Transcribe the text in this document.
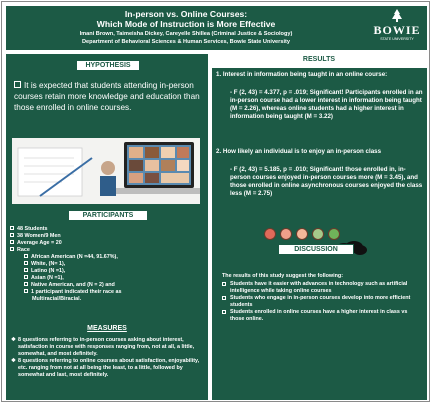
In-person vs. Online Courses:
Which Mode of Instruction is More Effective
Imani Brown, Taimeisha Dickey, Careyelle Shillea (Criminal Justice & Sociology)
Department of Behavioral Sciences & Human Services, Bowie State University
BOWIE
STATE UNIVERSITY
HYPOTHESIS
It is expected that students attending in-person courses retain more knowledge and education than those enrolled in online courses.
PARTICIPANTS
48 Students
38 Women/9 Men
Average Age = 20
Race
African American (N =44, 91.67%),
White, (N= 1),
Latino (N =1),
Asian (N =1),
Native American, and (N = 2) and
1 participant indicated their race as
Multiracial/Biracial.
MEASURES
❖ 8 questions referring to in-person courses asking about interest, satisfaction in course with responses ranging from, not at all, a little, somewhat, and most definitely.
❖ 8 questions referring to online courses about satisfaction, enjoyability, etc. ranging from not at all being the least, to a little, followed by somewhat and last, most definitely.
RESULTS
1. Interest in information being taught in an online course:
- F (2, 43) = 4.377, p = .019; Significant! Participants enrolled in an in-person course had a lower interest in information being taught (M = 2.26), whereas online students had a higher interest in information being taught (M = 3.22)
2. How likely an individual is to enjoy an in-person class
- F (2, 43) = 5.185, p = .010; Significant! those enrolled in, in-person courses enjoyed in-person courses more (M = 3.45), and those enrolled in online asynchronous courses enjoyed the class less (M = 2.75)
DISCUSSION
The results of this study suggest the following:
Students have it easier with advances in technology such as artificial intelligence while taking online courses
Students who engage in in-person courses develop into more efficient students
Students enrolled in online courses have a higher interest in class vs those online.
